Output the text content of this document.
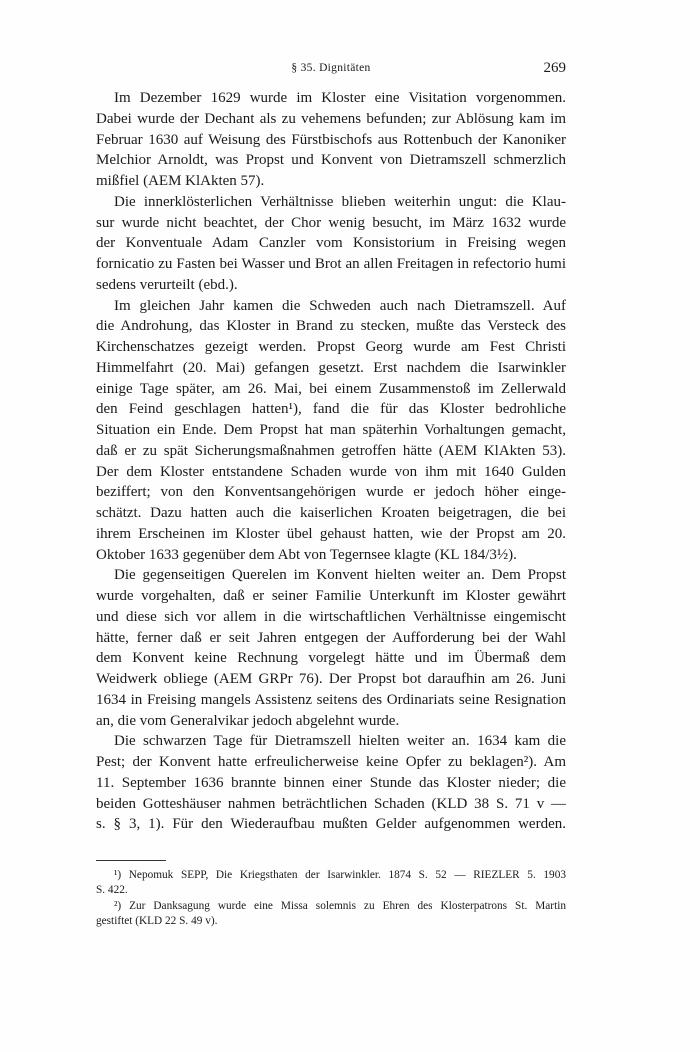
§ 35. Dignitäten	269
Im Dezember 1629 wurde im Kloster eine Visitation vorgenommen.
Dabei wurde der Dechant als zu vehemens befunden; zur Ablösung kam im
Februar 1630 auf Weisung des Fürstbischofs aus Rottenbuch der Kanoniker
Melchior Arnoldt, was Propst und Konvent von Dietramszell schmerzlich
mißfiel (AEM KlAkten 57).
Die innerklösterlichen Verhältnisse blieben weiterhin ungut: die Klau-
sur wurde nicht beachtet, der Chor wenig besucht, im März 1632 wurde
der Konventuale Adam Canzler vom Konsistorium in Freising wegen
fornicatio zu Fasten bei Wasser und Brot an allen Freitagen in refectorio humi
sedens verurteilt (ebd.).
Im gleichen Jahr kamen die Schweden auch nach Dietramszell. Auf
die Androhung, das Kloster in Brand zu stecken, mußte das Versteck des
Kirchenschatzes gezeigt werden. Propst Georg wurde am Fest Christi
Himmelfahrt (20. Mai) gefangen gesetzt. Erst nachdem die Isarwinkler
einige Tage später, am 26. Mai, bei einem Zusammenstoß im Zellerwald
den Feind geschlagen hatten¹), fand die für das Kloster bedrohliche
Situation ein Ende. Dem Propst hat man späterhin Vorhaltungen gemacht,
daß er zu spät Sicherungsmaßnahmen getroffen hätte (AEM KlAkten 53).
Der dem Kloster entstandene Schaden wurde von ihm mit 1640 Gulden
beziffert; von den Konventsangehörigen wurde er jedoch höher einge-
schätzt. Dazu hatten auch die kaiserlichen Kroaten beigetragen, die bei
ihrem Erscheinen im Kloster übel gehaust hatten, wie der Propst am 20.
Oktober 1633 gegenüber dem Abt von Tegernsee klagte (KL 184/3½).
Die gegenseitigen Querelen im Konvent hielten weiter an. Dem Propst
wurde vorgehalten, daß er seiner Familie Unterkunft im Kloster gewährt
und diese sich vor allem in die wirtschaftlichen Verhältnisse eingemischt
hätte, ferner daß er seit Jahren entgegen der Aufforderung bei der Wahl
dem Konvent keine Rechnung vorgelegt hätte und im Übermaß dem
Weidwerk obliege (AEM GRPr 76). Der Propst bot daraufhin am 26. Juni
1634 in Freising mangels Assistenz seitens des Ordinariats seine Resignation
an, die vom Generalvikar jedoch abgelehnt wurde.
Die schwarzen Tage für Dietramszell hielten weiter an. 1634 kam die
Pest; der Konvent hatte erfreulicherweise keine Opfer zu beklagen²). Am
11. September 1636 brannte binnen einer Stunde das Kloster nieder; die
beiden Gotteshäuser nahmen beträchtlichen Schaden (KLD 38 S. 71 v —
s. § 3, 1). Für den Wiederaufbau mußten Gelder aufgenommen werden.
¹) Nepomuk SEPP, Die Kriegsthaten der Isarwinkler. 1874 S. 52 — RIEZLER 5. 1903
S. 422.
²) Zur Danksagung wurde eine Missa solemnis zu Ehren des Klosterpatrons St. Martin
gestiftet (KLD 22 S. 49 v).
